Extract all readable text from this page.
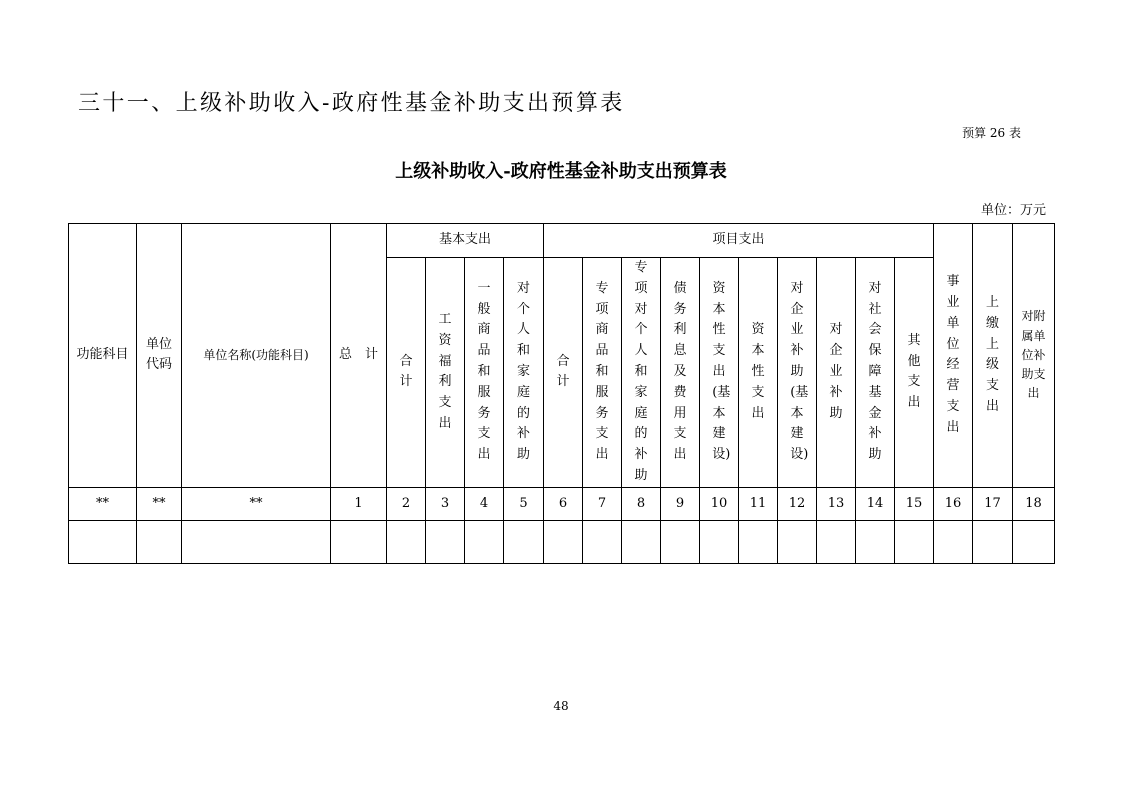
三十一、上级补助收入-政府性基金补助支出预算表
预算 26 表
上级补助收入-政府性基金补助支出预算表
单位：万元
功能科目	单位代码	单位名称(功能科目)	总　计	基本支出				项目支出										事业单位经营支出	上缴上级支出	对附属单位补助支出
				合计	工资福利支出	一般商品和服务支出	对个人和家庭的补助	合计	专项商品和服务支出	专项对个人和家庭的补助	债务利息及费用支出	资本性支出(基本建设)	资本性支出	对企业补助(基本建设)	对企业补助	对社会保障基金补助	其他支出			
**	**	**	1	2	3	4	5	6	7	8	9	10	11	12	13	14	15	16	17	18

48
